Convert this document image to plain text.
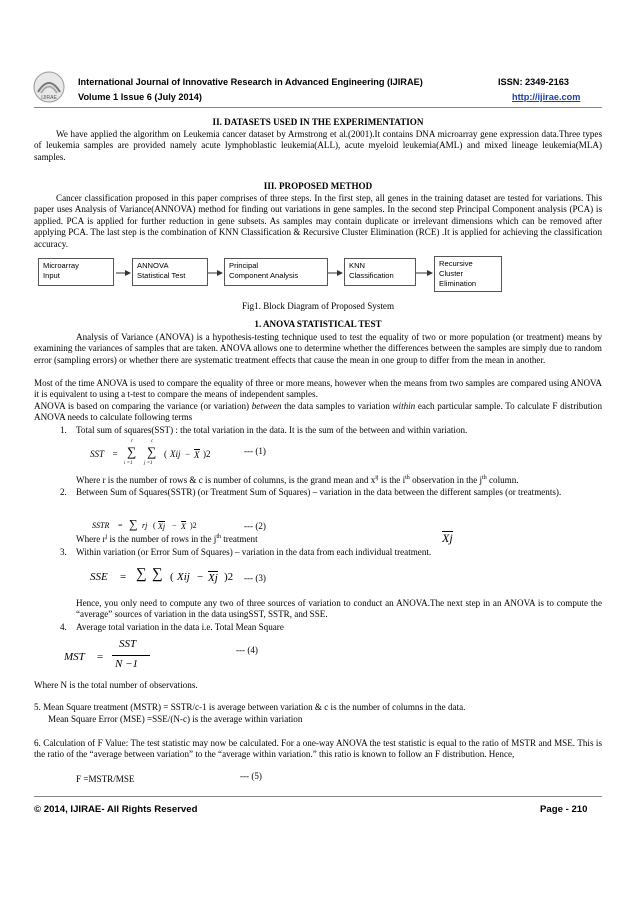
IJIRAE
International Journal of Innovative Research in Advanced Engineering (IJIRAE)	ISSN: 2349-2163
Volume 1 Issue 6 (July 2014)	http://ijirae.com
II. DATASETS USED IN THE EXPERIMENTATION
We have applied the algorithm on Leukemia cancer dataset by Armstrong et al.(2001).It contains DNA microarray gene expression data.Three types of leukemia samples are provided namely acute lymphoblastic leukemia(ALL), acute myeloid leukemia(AML) and mixed lineage leukemia(MLA) samples.
III. PROPOSED METHOD
Cancer classification proposed in this paper comprises of three steps. In the first step, all genes in the training dataset are tested for variations. This paper uses Analysis of Variance(ANNOVA) method for finding out variations in gene samples. In the second step Principal Component analysis (PCA) is applied. PCA is applied for further reduction in gene subsets. As samples may contain duplicate or irrelevant dimensions which can be removed after applying PCA. The last step is the combination of KNN Classification & Recursive Cluster Elimination (RCE) .It is applied for achieving the classification accuracy.
Microarray
Input
ANNOVA
Statistical Test
Principal
Component Analysis
KNN
Classification
Recursive
Cluster
Elimination
Fig1. Block Diagram of Proposed System
1. ANOVA STATISTICAL TEST
Analysis of Variance (ANOVA) is a hypothesis-testing technique used to test the equality of two or more population (or treatment) means by examining the variances of samples that are taken. ANOVA allows one to determine whether the differences between the samples are simply due to random error (sampling errors) or whether there are systematic treatment effects that cause the mean in one group to differ from the mean in another.
Most of the time ANOVA is used to compare the equality of three or more means, however when the means from two samples are compared using ANOVA it is equivalent to using a t-test to compare the means of independent samples.
ANOVA is based on comparing the variance (or variation) between the data samples to variation within each particular sample. To calculate F distribution ANOVA needs to calculate following terms
1. Total sum of squares(SST) : the total variation in the data. It is the sum of the between and within variation.
SST = ∑
r
i =1
∑
c
j =1
( Xij − X )2	--- (1)
Where r is the number of rows & c is number of columns, is the grand mean and $x^{ij}$ is the $i^{th}$ observation in the $j^{th}$ column.
2. Between Sum of Squares(SSTR) (or Treatment Sum of Squares) – variation in the data between the different samples (or treatments).
SSTR = ∑ rj ( Xj − X )2	--- (2)
Where $r^j$ is the number of rows in the $j^{th}$ treatment	Xj
3. Within variation (or Error Sum of Squares) – variation in the data from each individual treatment.
SSE = ∑ ∑ ( Xij − Xj )2 --- (3)
Hence, you only need to compute any two of three sources of variation to conduct an ANOVA.The next step in an ANOVA is to compute the “average” sources of variation in the data usingSST, SSTR, and SSE.
4. Average total variation in the data i.e. Total Mean Square
MST =
SST
N −1
--- (4)
Where N is the total number of observations.
5. Mean Square treatment (MSTR) = SSTR/c-1 is average between variation & c is the number of columns in the data.
Mean Square Error (MSE) =SSE/(N-c) is the average within variation
6. Calculation of F Value: The test statistic may now be calculated. For a one-way ANOVA the test statistic is equal to the ratio of MSTR and MSE. This is the ratio of the “average between variation” to the “average within variation.” this ratio is known to follow an F distribution. Hence,
F =MSTR/MSE	--- (5)
© 2014, IJIRAE- All Rights Reserved	Page - 210
